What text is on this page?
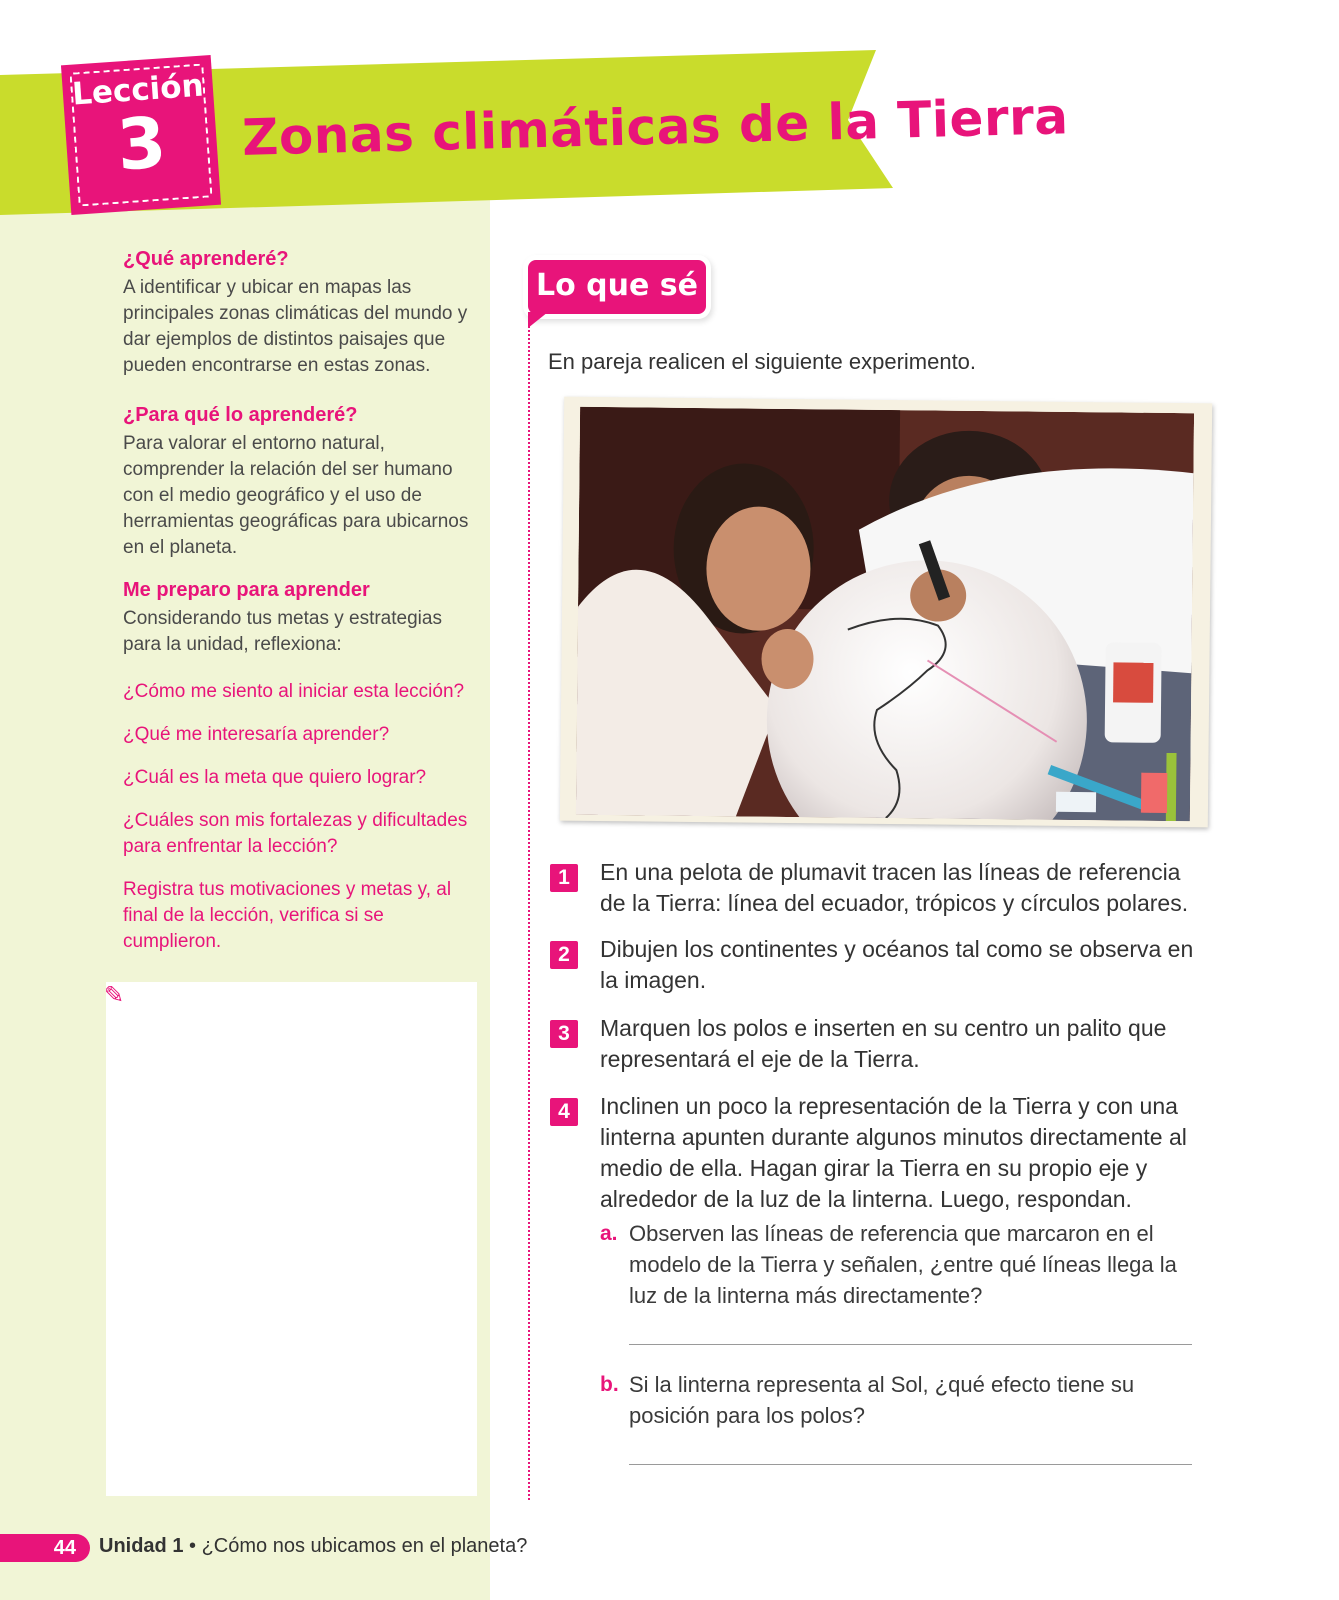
Lección
3	Zonas climáticas de la Tierra

¿Qué aprenderé?

A identificar y ubicar en mapas las principales zonas climáticas del mundo y dar ejemplos de distintos paisajes que pueden encontrarse en estas zonas.

¿Para qué lo aprenderé?

Para valorar el entorno natural, comprender la relación del ser humano con el medio geográfico y el uso de herramientas geográficas para ubicarnos en el planeta.

Me preparo para aprender

Considerando tus metas y estrategias para la unidad, reflexiona:

¿Cómo me siento al iniciar esta lección?

¿Qué me interesaría aprender?

¿Cuál es la meta que quiero lograr?

¿Cuáles son mis fortalezas y dificultades para enfrentar la lección?

Registra tus motivaciones y metas y, al final de la lección, verifica si se cumplieron.

✎
Lo que sé
En pareja realicen el siguiente experimento.
1	En una pelota de plumavit tracen las líneas de referencia de la Tierra: línea del ecuador, trópicos y círculos polares.
2	Dibujen los continentes y océanos tal como se observa en la imagen.
3	Marquen los polos e inserten en su centro un palito que representará el eje de la Tierra.
4	Inclinen un poco la representación de la Tierra y con una linterna apunten durante algunos minutos directamente al medio de ella. Hagan girar la Tierra en su propio eje y alrededor de la luz de la linterna. Luego, respondan.
a. Observen las líneas de referencia que marcaron en el modelo de la Tierra y señalen, ¿entre qué líneas llega la luz de la linterna más directamente?
b. Si la linterna representa al Sol, ¿qué efecto tiene su posición para los polos?
44	Unidad 1 • ¿Cómo nos ubicamos en el planeta?
